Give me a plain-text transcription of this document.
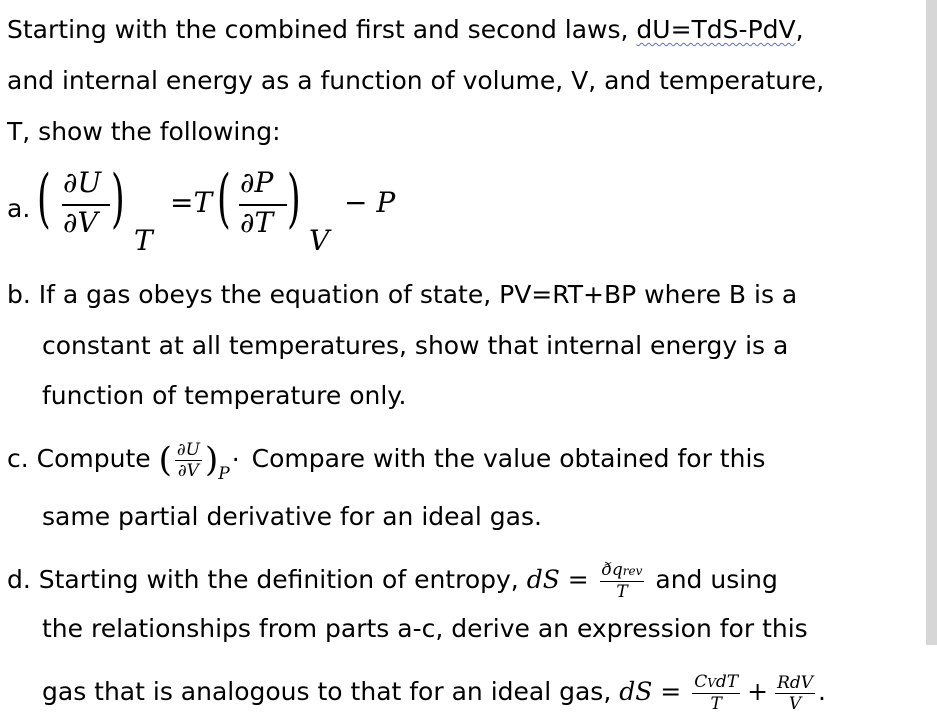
Starting with the combined first and second laws, dU=TdS-PdV,
and internal energy as a function of volume, V, and temperature,
T, show the following:
a. ( ∂U
∂V )
T
=T ( ∂P
∂T )
V
− P
b. If a gas obeys the equation of state, PV=RT+BP where B is a
constant at all temperatures, show that internal energy is a
function of temperature only.
c. Compute ( $\frac{\partial U}{\partial V} )_P$. Compare with the value obtained for this
same partial derivative for an ideal gas.
d. Starting with the definition of entropy, dS = $\frac{\text{ðqrev}}{T}$ and using
the relationships from parts a-c, derive an expression for this
gas that is analogous to that for an ideal gas, dS = $\frac{\text{CVdT}}{T} + \frac{\text{RdV}}{V}$ .
